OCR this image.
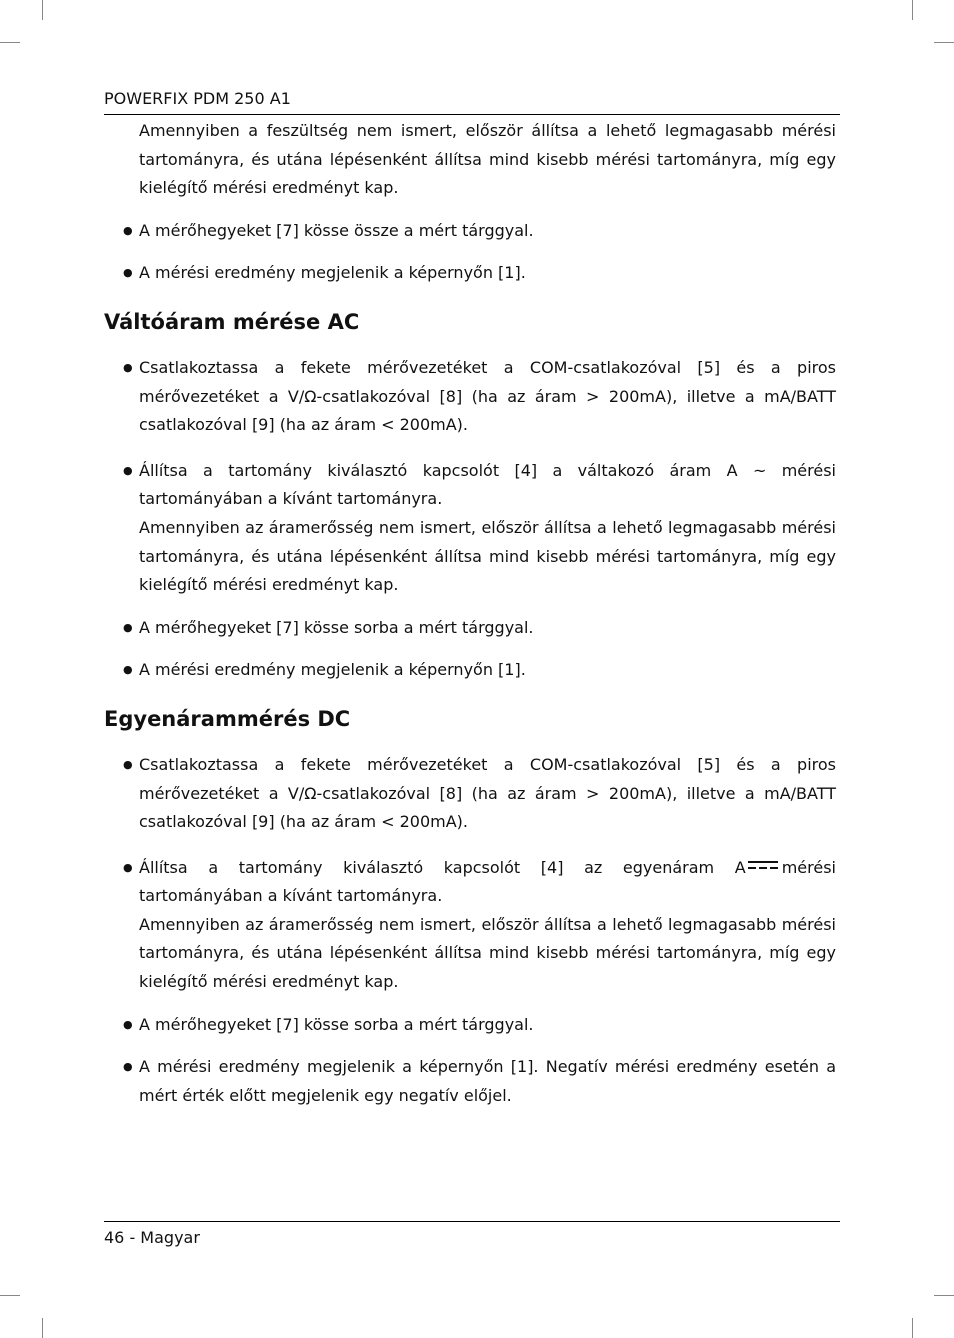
POWERFIX PDM 250 A1

Amennyiben a feszültség nem ismert, először állítsa a lehető legmagasabb mérési tartományra, és utána lépésenként állítsa mind kisebb mérési tartományra, míg egy kielégítő mérési eredményt kap.

● A mérőhegyeket [7] kösse össze a mért tárggyal.

● A mérési eredmény megjelenik a képernyőn [1].

Váltóáram mérése AC

● Csatlakoztassa a fekete mérővezetéket a COM-csatlakozóval [5] és a piros mérővezetéket a V/Ω-csatlakozóval [8] (ha az áram > 200mA), illetve a mA/BATT csatlakozóval [9] (ha az áram < 200mA).

● Állítsa a tartomány kiválasztó kapcsolót [4] a váltakozó áram A ~ mérési tartományában a kívánt tartományra.

Amennyiben az áramerősség nem ismert, először állítsa a lehető legmagasabb mérési tartományra, és utána lépésenként állítsa mind kisebb mérési tartományra, míg egy kielégítő mérési eredményt kap.

● A mérőhegyeket [7] kösse sorba a mért tárggyal.

● A mérési eredmény megjelenik a képernyőn [1].

Egyenárammérés DC

● Csatlakoztassa a fekete mérővezetéket a COM-csatlakozóval [5] és a piros mérővezetéket a V/Ω-csatlakozóval [8] (ha az áram > 200mA), illetve a mA/BATT csatlakozóval [9] (ha az áram < 200mA).

● Állítsa a tartomány kiválasztó kapcsolót [4] az egyenáram A mérési tartományában a kívánt tartományra.

Amennyiben az áramerősség nem ismert, először állítsa a lehető legmagasabb mérési tartományra, és utána lépésenként állítsa mind kisebb mérési tartományra, míg egy kielégítő mérési eredményt kap.

● A mérőhegyeket [7] kösse sorba a mért tárggyal.

● A mérési eredmény megjelenik a képernyőn [1]. Negatív mérési eredmény esetén a mért érték előtt megjelenik egy negatív előjel.

46 - Magyar
